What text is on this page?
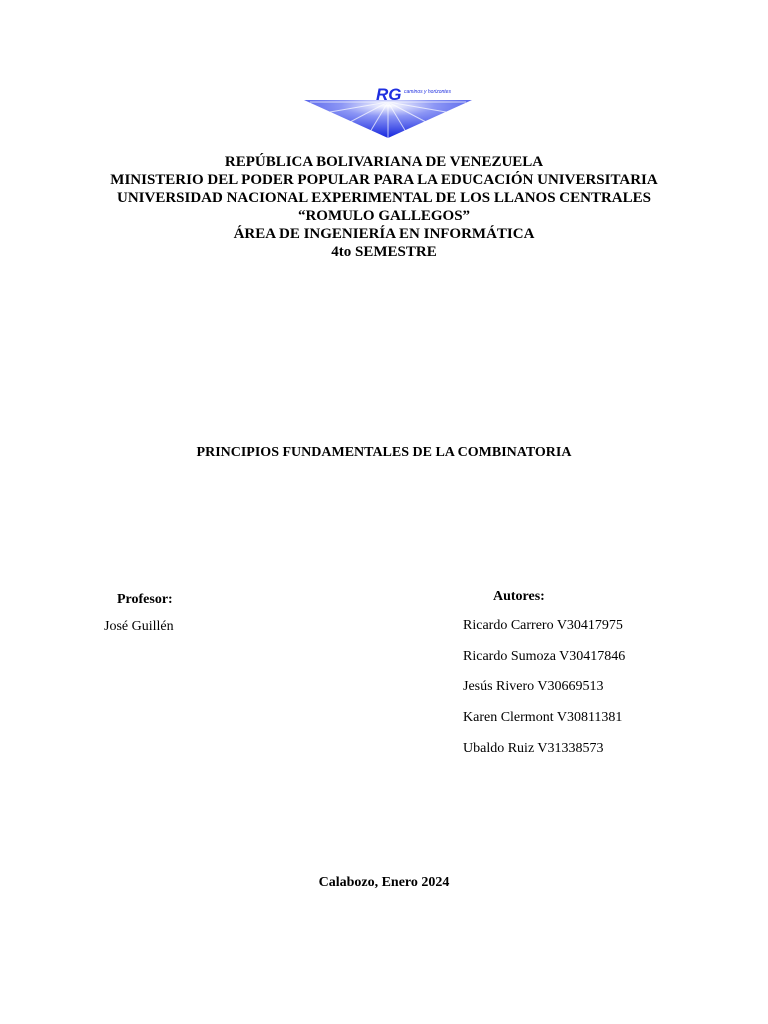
RG caminos y horizontes
REPÚBLICA BOLIVARIANA DE VENEZUELA
MINISTERIO DEL PODER POPULAR PARA LA EDUCACIÓN UNIVERSITARIA
UNIVERSIDAD NACIONAL EXPERIMENTAL DE LOS LLANOS CENTRALES
“ROMULO GALLEGOS”
ÁREA DE INGENIERÍA EN INFORMÁTICA
4to SEMESTRE
PRINCIPIOS FUNDAMENTALES DE LA COMBINATORIA
Profesor:
José Guillén
Autores:
Ricardo Carrero V30417975
Ricardo Sumoza V30417846
Jesús Rivero V30669513
Karen Clermont V30811381
Ubaldo Ruiz V31338573
Calabozo, Enero 2024
